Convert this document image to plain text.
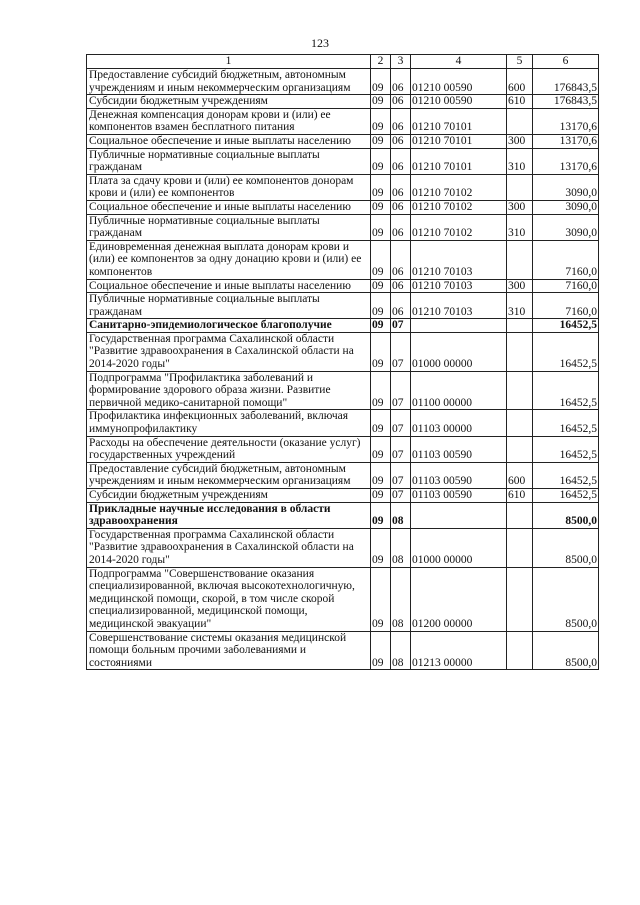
123
1	2	3	4	5	6
Предоставление субсидий бюджетным, автономным учреждениям и иным некоммерческим организациям	09	06	01210 00590	600	176843,5
Субсидии бюджетным учреждениям	09	06	01210 00590	610	176843,5
Денежная компенсация донорам крови и (или) ее компонентов взамен бесплатного питания	09	06	01210 70101		13170,6
Социальное обеспечение и иные выплаты населению	09	06	01210 70101	300	13170,6
Публичные нормативные социальные выплаты гражданам	09	06	01210 70101	310	13170,6
Плата за сдачу крови и (или) ее компонентов донорам крови и (или) ее компонентов	09	06	01210 70102		3090,0
Социальное обеспечение и иные выплаты населению	09	06	01210 70102	300	3090,0
Публичные нормативные социальные выплаты гражданам	09	06	01210 70102	310	3090,0
Единовременная денежная выплата донорам крови и (или) ее компонентов за одну донацию крови и (или) ее компонентов	09	06	01210 70103		7160,0
Социальное обеспечение и иные выплаты населению	09	06	01210 70103	300	7160,0
Публичные нормативные социальные выплаты гражданам	09	06	01210 70103	310	7160,0
Санитарно-эпидемиологическое благополучие	09	07			16452,5
Государственная программа Сахалинской области "Развитие здравоохранения в Сахалинской области на 2014-2020 годы"	09	07	01000 00000		16452,5
Подпрограмма "Профилактика заболеваний и формирование здорового образа жизни. Развитие первичной медико-санитарной помощи"	09	07	01100 00000		16452,5
Профилактика инфекционных заболеваний, включая иммунопрофилактику	09	07	01103 00000		16452,5
Расходы на обеспечение деятельности (оказание услуг) государственных учреждений	09	07	01103 00590		16452,5
Предоставление субсидий бюджетным, автономным учреждениям и иным некоммерческим организациям	09	07	01103 00590	600	16452,5
Субсидии бюджетным учреждениям	09	07	01103 00590	610	16452,5
Прикладные научные исследования в области здравоохранения	09	08			8500,0
Государственная программа Сахалинской области "Развитие здравоохранения в Сахалинской области на 2014-2020 годы"	09	08	01000 00000		8500,0
Подпрограмма "Совершенствование оказания специализированной, включая высокотехнологичную, медицинской помощи, скорой, в том числе скорой специализированной, медицинской помощи, медицинской эвакуации"	09	08	01200 00000		8500,0
Совершенствование системы оказания медицинской помощи больным прочими заболеваниями и состояниями	09	08	01213 00000		8500,0
